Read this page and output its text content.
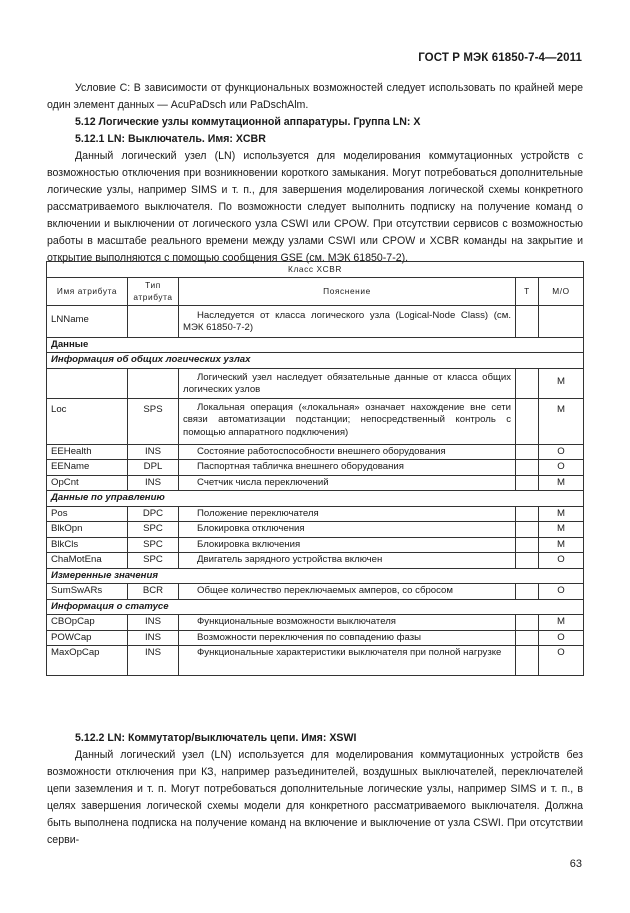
ГОСТ Р МЭК 61850-7-4—2011

Условие С: В зависимости от функциональных возможностей следует использовать по крайней мере один элемент данных — AcuPaDsch или PaDschAlm.

5.12 Логические узлы коммутационной аппаратуры. Группа LN: X

5.12.1 LN: Выключатель. Имя: XCBR

Данный логический узел (LN) используется для моделирования коммутационных устройств с возможностью отключения при возникновении короткого замыкания. Могут потребоваться дополнительные логические узлы, например SIMS и т. п., для завершения моделирования логической схемы конкретного рассматриваемого выключателя. По возможности следует выполнить подписку на получение команд о включении и выключении от логического узла CSWI или CPOW. При отсутствии сервисов с возможностью работы в масштабе реального времени между узлами CSWI или CPOW и XCBR команды на закрытие и открытие выполняются с помощью сообщения GSE (см. МЭК 61850-7-2).

Класс XCBR				
Имя атрибута	Тип атрибута	Пояснение	Т	М/О
LNName		Наследуется от класса логического узла (Logical-Node Class) (см. МЭК 61850-7-2)		
Данные				
Информация об общих логических узлах				
		Логический узел наследует обязательные данные от класса общих логических узлов		M
Loc	SPS	Локальная операция («локальная» означает нахождение вне сети связи автоматизации подстанции; непосредственный контроль с помощью аппаратного подключения)		M
EEHealth	INS	Состояние работоспособности внешнего оборудования		O
EEName	DPL	Паспортная табличка внешнего оборудования		O
OpCnt	INS	Счетчик числа переключений		M
Данные по управлению				
Pos	DPC	Положение переключателя		M
BlkOpn	SPC	Блокировка отключения		M
BlkCls	SPC	Блокировка включения		M
ChaMotEna	SPC	Двигатель зарядного устройства включен		O
Измеренные значения				
SumSwARs	BCR	Общее количество переключаемых амперов, со сбросом		O
Информация о статусе				
CBOpCap	INS	Функциональные возможности выключателя		M
POWCap	INS	Возможности переключения по совпадению фазы		O
MaxOpCap	INS	Функциональные характеристики выключателя при полной нагрузке		O

5.12.2 LN: Коммутатор/выключатель цепи. Имя: XSWI

Данный логический узел (LN) используется для моделирования коммутационных устройств без возможности отключения при КЗ, например разъединителей, воздушных выключателей, переключателей цепи заземления и т. п. Могут потребоваться дополнительные логические узлы, например SIMS и т. п., в целях завершения логической схемы модели для конкретного рассматриваемого выключателя. Должна быть выполнена подписка на получение команд на включение и выключение от узла CSWI. При отсутствии серви-

63
